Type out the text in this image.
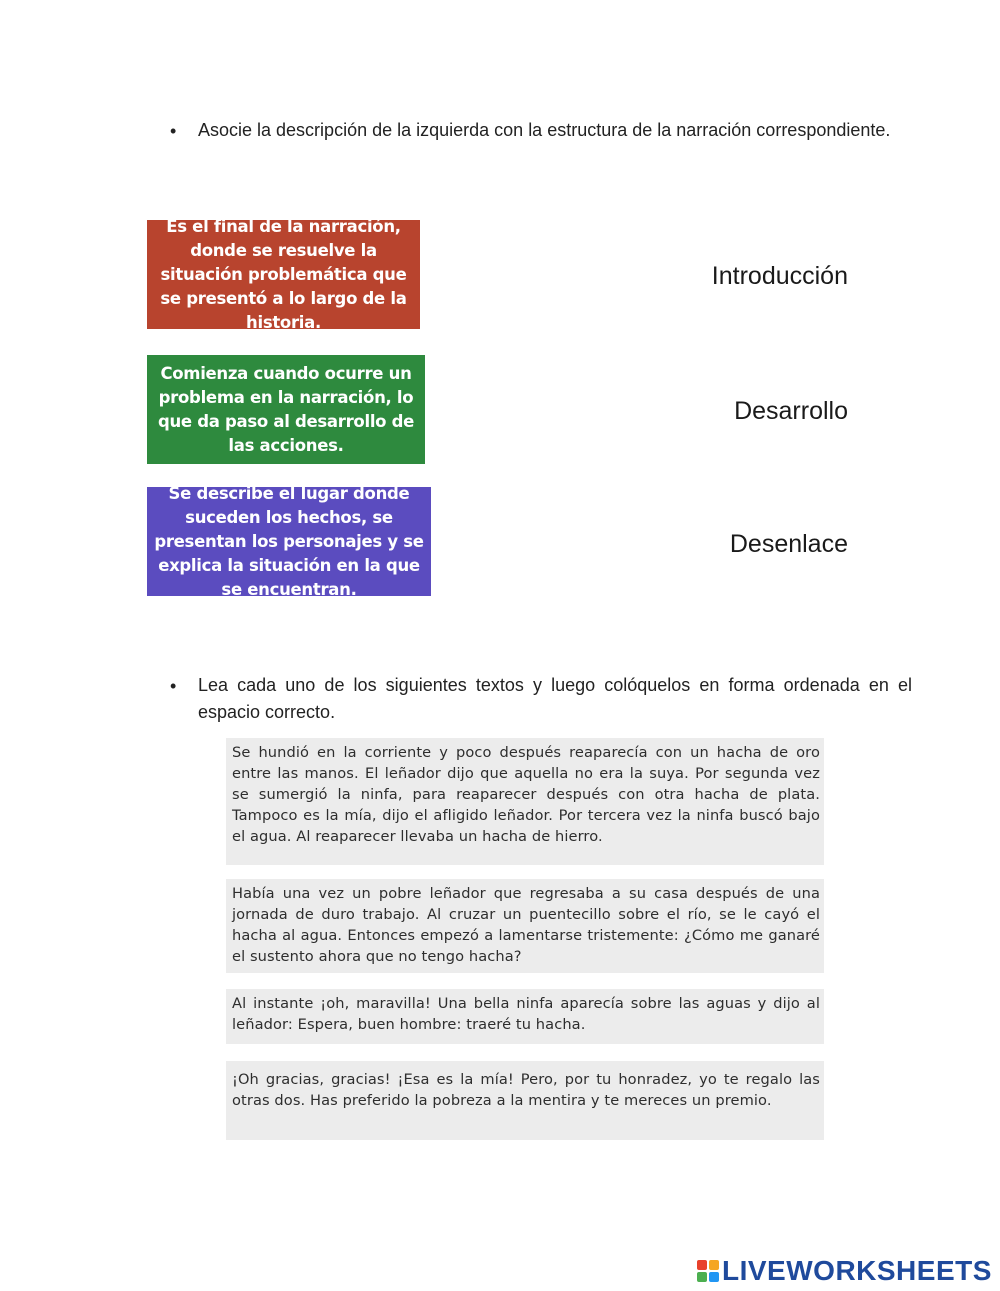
• Asocie la descripción de la izquierda con la estructura de la narración correspondiente.
Es el final de la narración, donde se resuelve la situación problemática que se presentó a lo largo de la historia.
Comienza cuando ocurre un problema en la narración, lo que da paso al desarrollo de las acciones.
Se describe el lugar donde suceden los hechos, se presentan los personajes y se explica la situación en la que se encuentran.
Introducción
Desarrollo
Desenlace
• Lea cada uno de los siguientes textos y luego colóquelos en forma ordenada en el espacio correcto.
Se hundió en la corriente y poco después reaparecía con un hacha de oro entre las manos. El leñador dijo que aquella no era la suya. Por segunda vez se sumergió la ninfa, para reaparecer después con otra hacha de plata. Tampoco es la mía, dijo el afligido leñador. Por tercera vez la ninfa buscó bajo el agua. Al reaparecer llevaba un hacha de hierro.
Había una vez un pobre leñador que regresaba a su casa después de una jornada de duro trabajo. Al cruzar un puentecillo sobre el río, se le cayó el hacha al agua. Entonces empezó a lamentarse tristemente: ¿Cómo me ganaré el sustento ahora que no tengo hacha?
Al instante ¡oh, maravilla! Una bella ninfa aparecía sobre las aguas y dijo al leñador: Espera, buen hombre: traeré tu hacha.
¡Oh gracias, gracias! ¡Esa es la mía! Pero, por tu honradez, yo te regalo las otras dos. Has preferido la pobreza a la mentira y te mereces un premio.
LIVEWORKSHEETS
